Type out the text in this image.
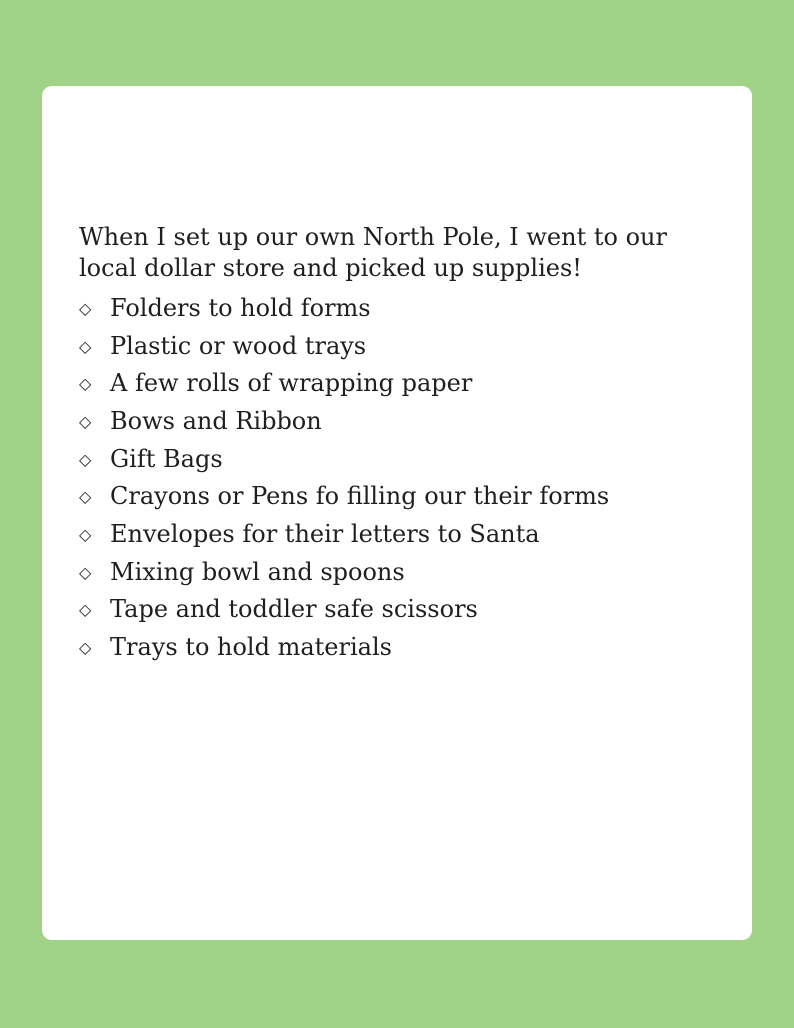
When I set up our own North Pole, I went to our local dollar store and picked up supplies!

◇ Folders to hold forms
◇ Plastic or wood trays
◇ A few rolls of wrapping paper
◇ Bows and Ribbon
◇ Gift Bags
◇ Crayons or Pens fo filling our their forms
◇ Envelopes for their letters to Santa
◇ Mixing bowl and spoons
◇ Tape and toddler safe scissors
◇ Trays to hold materials
